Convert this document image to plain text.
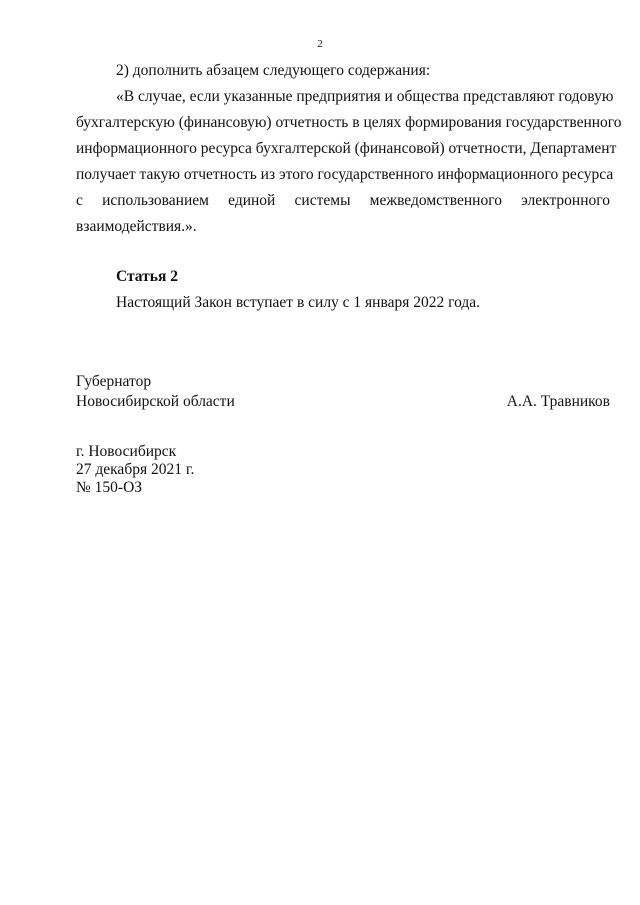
2
2) дополнить абзацем следующего содержания:
«В случае, если указанные предприятия и общества представляют годовую
бухгалтерскую (финансовую) отчетность в целях формирования государственного
информационного ресурса бухгалтерской (финансовой) отчетности, Департамент
получает такую отчетность из этого государственного информационного ресурса
с использованием единой системы межведомственного электронного
взаимодействия.».
Статья 2
Настоящий Закон вступает в силу с 1 января 2022 года.
Губернатор
Новосибирской области	А.А. Травников
г. Новосибирск
27 декабря 2021 г.
№ 150-ОЗ
